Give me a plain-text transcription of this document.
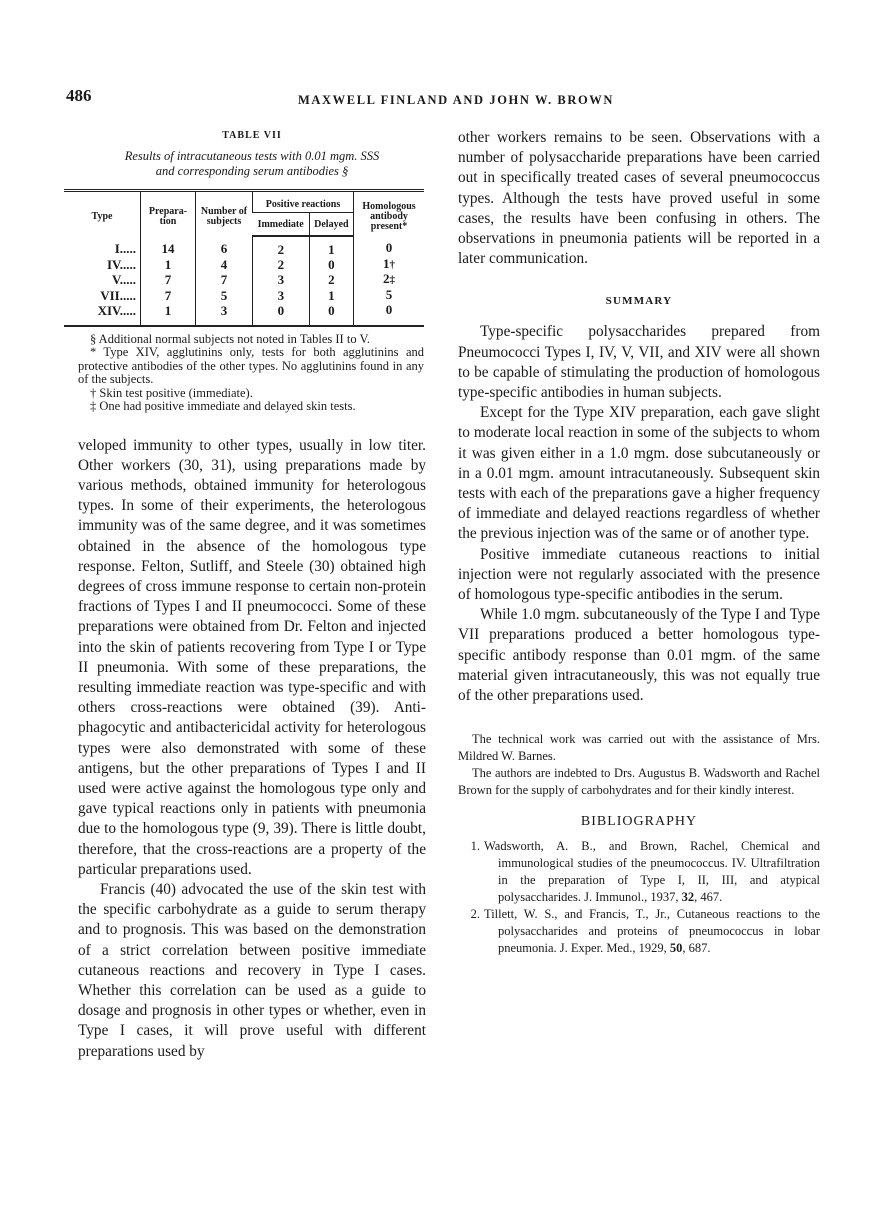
486	MAXWELL FINLAND AND JOHN W. BROWN
TABLE VII
Results of intracutaneous tests with 0.01 mgm. SSS
and corresponding serum antibodies §
Type	Prepara-tion	Number of subjects	Positive reactions		Homologous antibody present*
			Immediate	Delayed	
I.....	14	6	2	1	0
IV.....	1	4	2	0	1†
V.....	7	7	3	2	2‡
VII.....	7	5	3	1	5
XIV.....	1	3	0	0	0

§ Additional normal subjects not noted in Tables II to V.

* Type XIV, agglutinins only, tests for both agglutinins and protective antibodies of the other types. No agglutinins found in any of the subjects.

† Skin test positive (immediate).

‡ One had positive immediate and delayed skin tests.

veloped immunity to other types, usually in low titer. Other workers (30, 31), using preparations made by various methods, obtained immunity for heterologous types. In some of their experiments, the heterologous immunity was of the same degree, and it was sometimes obtained in the absence of the homologous type response. Felton, Sutliff, and Steele (30) obtained high degrees of cross immune response to certain non-protein fractions of Types I and II pneumococci. Some of these preparations were obtained from Dr. Felton and injected into the skin of patients recovering from Type I or Type II pneumonia. With some of these preparations, the resulting immediate reaction was type-specific and with others cross-reactions were obtained (39). Anti-phagocytic and antibactericidal activity for heterologous types were also demonstrated with some of these antigens, but the other preparations of Types I and II used were active against the homologous type only and gave typical reactions only in patients with pneumonia due to the homologous type (9, 39). There is little doubt, therefore, that the cross-reactions are a property of the particular preparations used.

Francis (40) advocated the use of the skin test with the specific carbohydrate as a guide to serum therapy and to prognosis. This was based on the demonstration of a strict correlation between positive immediate cutaneous reactions and recovery in Type I cases. Whether this correlation can be used as a guide to dosage and prognosis in other types or whether, even in Type I cases, it will prove useful with different preparations used by

other workers remains to be seen. Observations with a number of polysaccharide preparations have been carried out in specifically treated cases of several pneumococcus types. Although the tests have proved useful in some cases, the results have been confusing in others. The observations in pneumonia patients will be reported in a later communication.

SUMMARY

Type-specific polysaccharides prepared from Pneumococci Types I, IV, V, VII, and XIV were all shown to be capable of stimulating the production of homologous type-specific antibodies in human subjects.

Except for the Type XIV preparation, each gave slight to moderate local reaction in some of the subjects to whom it was given either in a 1.0 mgm. dose subcutaneously or in a 0.01 mgm. amount intracutaneously. Subsequent skin tests with each of the preparations gave a higher frequency of immediate and delayed reactions regardless of whether the previous injection was of the same or of another type.

Positive immediate cutaneous reactions to initial injection were not regularly associated with the presence of homologous type-specific antibodies in the serum.

While 1.0 mgm. subcutaneously of the Type I and Type VII preparations produced a better homologous type-specific antibody response than 0.01 mgm. of the same material given intracutaneously, this was not equally true of the other preparations used.

The technical work was carried out with the assistance of Mrs. Mildred W. Barnes.

The authors are indebted to Drs. Augustus B. Wadsworth and Rachel Brown for the supply of carbohydrates and for their kindly interest.

BIBLIOGRAPHY
1. Wadsworth, A. B., and Brown, Rachel, Chemical and immunological studies of the pneumococcus. IV. Ultrafiltration in the preparation of Type I, II, III, and atypical polysaccharides. J. Immunol., 1937, 32, 467.
2. Tillett, W. S., and Francis, T., Jr., Cutaneous reactions to the polysaccharides and proteins of pneumococcus in lobar pneumonia. J. Exper. Med., 1929, 50, 687.
